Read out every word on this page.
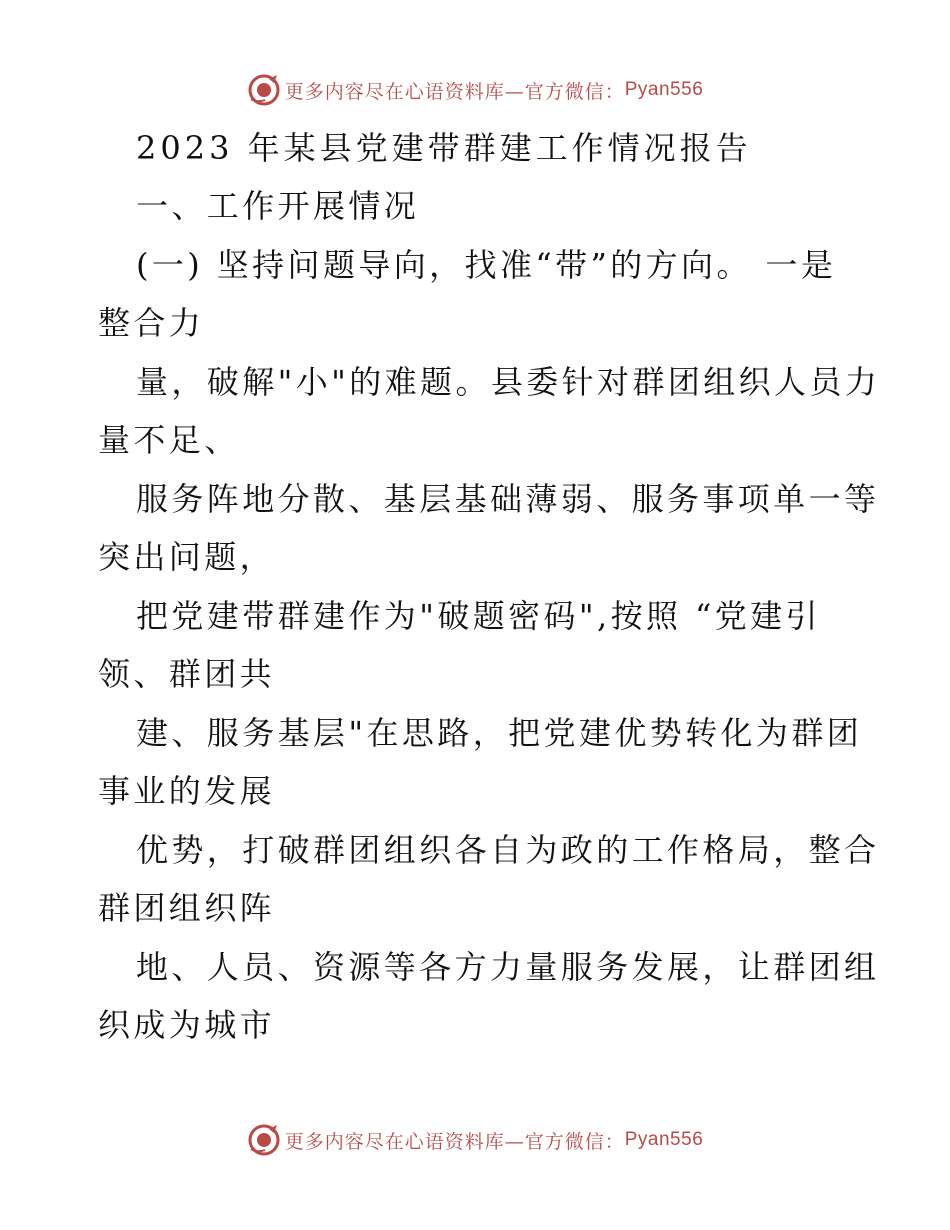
更多内容尽在心语资料库—官方微信： Pyan556
2023 年某县党建带群建工作情况报告
一、工作开展情况
(一) 坚持问题导向，找准“带”的方向。 一是
整合力
量，破解"小"的难题。县委针对群团组织人员力
量不足、
服务阵地分散、基层基础薄弱、服务事项单一等
突出问题，
把党建带群建作为"破题密码",按照 “党建引
领、群团共
建、服务基层"在思路，把党建优势转化为群团
事业的发展
优势，打破群团组织各自为政的工作格局，整合
群团组织阵
地、人员、资源等各方力量服务发展，让群团组
织成为城市
更多内容尽在心语资料库—官方微信： Pyan556
